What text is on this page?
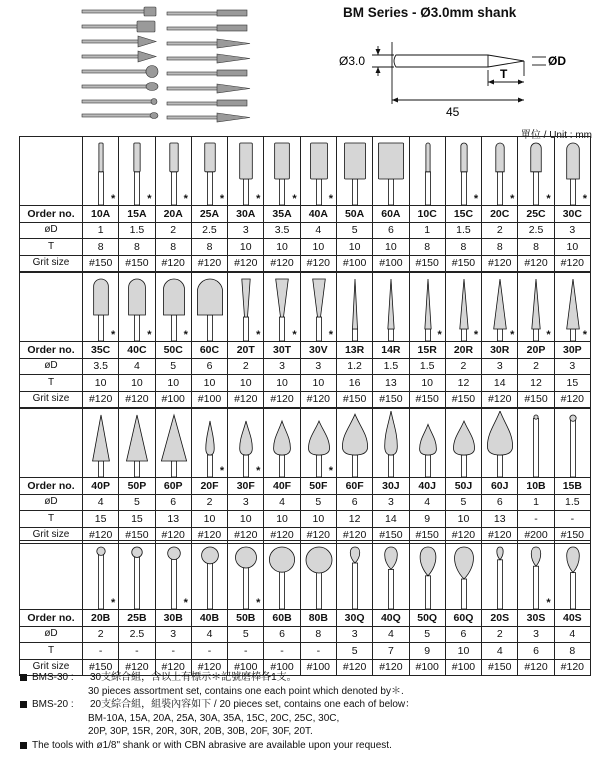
BM Series - Ø3.0mm shank
Ø3.0	ØD
T
45
單位 / Unit : mm

	*	*	*	*	*	*	*				*	*	*	*

Order no.	10A	15A	20A	25A	30A	35A	40A	50A	60A	10C	15C	20C	25C	30C
øD	1	1.5	2	2.5	3	3.5	4	5	6	1	1.5	2	2.5	3
T	8	8	8	8	10	10	10	10	10	8	8	8	8	10
Grit size	#150	#150	#120	#120	#120	#120	#120	#100	#100	#150	#150	#120	#120	#120

	*	*	*		*	*	*			*	*	*	*	*

Order no.	35C	40C	50C	60C	20T	30T	30V	13R	14R	15R	20R	30R	20P	30P
øD	3.5	4	5	6	2	3	3	1.2	1.5	1.5	2	3	2	3
T	10	10	10	10	10	10	10	16	13	10	12	14	12	15
Grit size	#120	#120	#100	#100	#120	#120	#120	#150	#150	#150	#150	#120	#150	#120

*	*		*

Order no.	40P	50P	60P	20F	30F	40F	50F	60F	30J	40J	50J	60J	10B	15B
øD	4	5	6	2	3	4	5	6	3	4	5	6	1	1.5
T	15	15	13	10	10	10	10	12	14	9	10	13	-	-
Grit size	#120	#150	#120	#120	#120	#120	#120	#120	#150	#150	#120	#120	#200	#150

	*		*		*								*

Order no.	20B	25B	30B	40B	50B	60B	80B	30Q	40Q	50Q	60Q	20S	30S	40S
øD	2	2.5	3	4	5	6	8	3	4	5	6	2	3	4
T	-	-	-	-	-	-	-	5	7	9	10	4	6	8
Grit size	#150	#120	#120	#120	#100	#100	#100	#120	#120	#100	#100	#150	#120	#120
BMS-30 : 30支綜合組，含以上有標示＊記號磨棒各1支。
30 pieces assortment set, contains one each point which denoted by＊.
BMS-20 : 20支綜合組，組裝內容如下 / 20 pieces set, contains one each of below：
BM-10A, 15A, 20A, 25A, 30A, 35A, 15C, 20C, 25C, 30C,
20P, 30P, 15R, 20R, 30R, 20B, 30B, 20F, 30F, 20T.
The tools with ø1/8" shank or with CBN abrasive are available upon your request.
